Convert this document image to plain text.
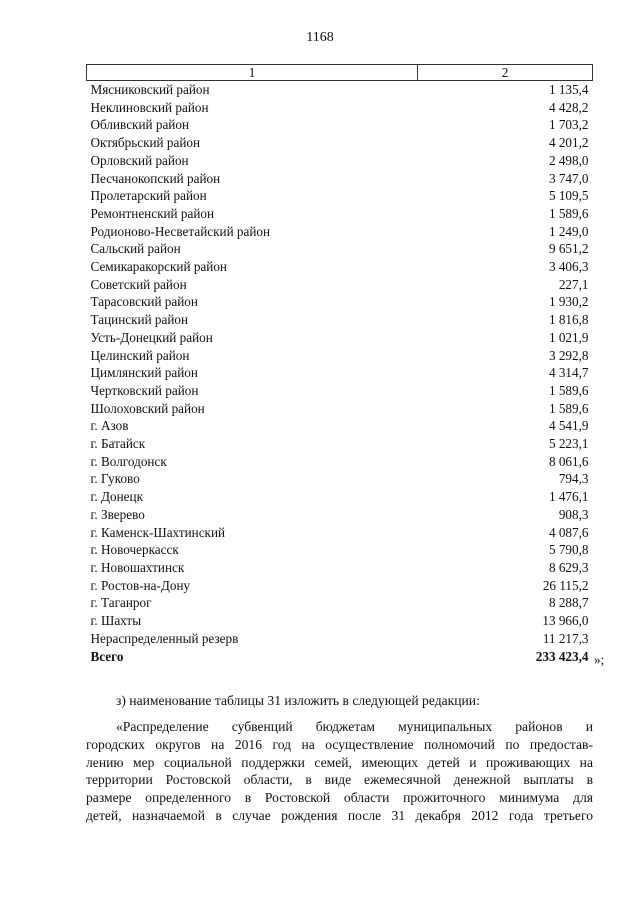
1168
1	2
Мясниковский район	1 135,4
Неклиновский район	4 428,2
Обливский район	1 703,2
Октябрьский район	4 201,2
Орловский район	2 498,0
Песчанокопский район	3 747,0
Пролетарский район	5 109,5
Ремонтненский район	1 589,6
Родионово-Несветайский район	1 249,0
Сальский район	9 651,2
Семикаракорский район	3 406,3
Советский район	227,1
Тарасовский район	1 930,2
Тацинский район	1 816,8
Усть-Донецкий район	1 021,9
Целинский район	3 292,8
Цимлянский район	4 314,7
Чертковский район	1 589,6
Шолоховский район	1 589,6
г. Азов	4 541,9
г. Батайск	5 223,1
г. Волгодонск	8 061,6
г. Гуково	794,3
г. Донецк	1 476,1
г. Зверево	908,3
г. Каменск-Шахтинский	4 087,6
г. Новочеркасск	5 790,8
г. Новошахтинск	8 629,3
г. Ростов-на-Дону	26 115,2
г. Таганрог	8 288,7
г. Шахты	13 966,0
Нераспределенный резерв	11 217,3
Всего	233 423,4 »;
з) наименование таблицы 31 изложить в следующей редакции:
«Распределение субвенций бюджетам муниципальных районов и
городских округов на 2016 год на осуществление полномочий по предостав-
лению мер социальной поддержки семей, имеющих детей и проживающих на
территории Ростовской области, в виде ежемесячной денежной выплаты в
размере определенного в Ростовской области прожиточного минимума для
детей, назначаемой в случае рождения после 31 декабря 2012 года третьего
